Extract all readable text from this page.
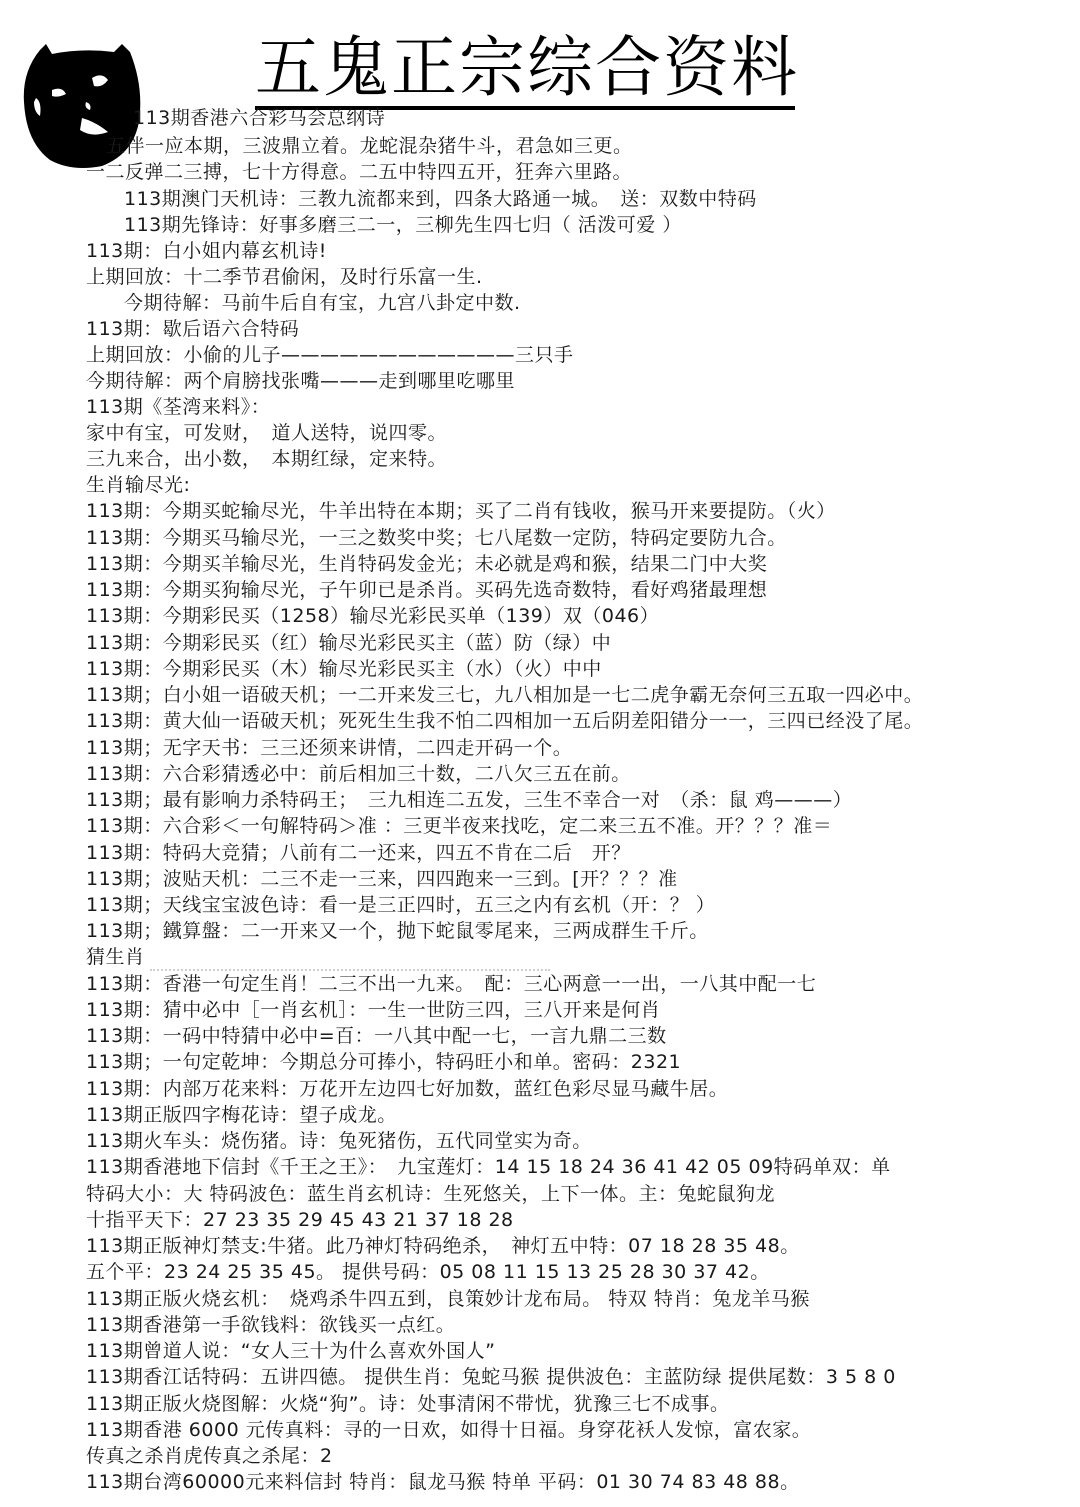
五鬼正宗综合资料
113期香港六合彩马会总纲诗
五伴一应本期，三波鼎立着。龙蛇混杂猪牛斗，君急如三更。
一二反弹二三搏，七十方得意。二五中特四五开，狂奔六里路。
113期澳门天机诗：三教九流都来到，四条大路通一城。　送：双数中特码
113期先锋诗：好事多磨三二一，三柳先生四七归（ 活泼可爱 ）
113期：白小姐内幕玄机诗!
上期回放：十二季节君偷闲，及时行乐富一生.
今期待解：马前牛后自有宝，九宫八卦定中数.
113期：歇后语六合特码
上期回放：小偷的儿子————————————三只手
今期待解：两个肩膀找张嘴———走到哪里吃哪里
113期《荃湾来料》：
家中有宝，可发财，　道人送特，说四零。
三九来合，出小数，　本期红绿，定来特。
生肖输尽光:
113期：今期买蛇输尽光，牛羊出特在本期；买了二肖有钱收，猴马开来要提防。（火）
113期：今期买马输尽光，一三之数奖中奖；七八尾数一定防，特码定要防九合。
113期：今期买羊输尽光，生肖特码发金光；未必就是鸡和猴，结果二门中大奖
113期：今期买狗输尽光，子午卯已是杀肖。买码先选奇数特，看好鸡猪最理想
113期：今期彩民买（1258）输尽光彩民买单（139）双（046）
113期：今期彩民买（红）输尽光彩民买主（蓝）防（绿）中
113期：今期彩民买（木）输尽光彩民买主（水）（火）中中
113期；白小姐一语破天机；一二开来发三七，九八相加是一七二虎争霸无奈何三五取一四必中。
113期：黄大仙一语破天机；死死生生我不怕二四相加一五后阴差阳错分一一，三四已经没了尾。
113期；无字天书：三三还须来讲情，二四走开码一个。
113期：六合彩猜透必中：前后相加三十数，二八欠三五在前。
113期；最有影响力杀特码王；　三九相连二五发，三生不幸合一对　（杀：鼠 鸡———）
113期：六合彩＜一句解特码＞准 ：三更半夜来找吃，定二来三五不准。开？？？准＝
113期：特码大竞猜；八前有二一还来，四五不肯在二后　开？
113期；波贴天机：二三不走一三来，四四跑来一三到。[开？？？准
113期；天线宝宝波色诗：看一是三正四时，五三之内有玄机（开：？ ）
113期；鐵算盤：二一开来又一个，抛下蛇鼠零尾来，三两成群生千斤。
猜生肖
113期：香港一句定生肖！二三不出一九来。　配：三心两意一一出，一八其中配一七
113期：猜中必中［一肖玄机］：一生一世防三四，三八开来是何肖
113期：一码中特猜中必中=百：一八其中配一七，一言九鼎二三数
113期；一句定乾坤：今期总分可捧小，特码旺小和单。密码：2321
113期：内部万花来料：万花开左边四七好加数，蓝红色彩尽显马藏牛居。
113期正版四字梅花诗：望子成龙。
113期火车头：烧伤猪。诗：兔死猪伤，五代同堂实为奇。
113期香港地下信封《千王之王》：　九宝莲灯：14 15 18 24 36 41 42 05 09特码单双：单
特码大小：大 特码波色：蓝生肖玄机诗：生死悠关，上下一体。主：兔蛇鼠狗龙
十指平天下：27 23 35 29 45 43 21 37 18 28
113期正版神灯禁支:牛猪。此乃神灯特码绝杀，　神灯五中特：07 18 28 35 48。
五个平：23 24 25 35 45。 提供号码：05 08 11 15 13 25 28 30 37 42。
113期正版火烧玄机：　烧鸡杀牛四五到，良策妙计龙布局。 特双 特肖：兔龙羊马猴
113期香港第一手欲钱料：欲钱买一点红。
113期曾道人说：“女人三十为什么喜欢外国人”
113期香江话特码：五讲四德。 提供生肖：兔蛇马猴 提供波色：主蓝防绿 提供尾数：3 5 8 0
113期正版火烧图解：火烧“狗”。诗：处事清闲不带忧，犹豫三七不成事。
113期香港 6000 元传真料：寻的一日欢，如得十日福。身穿花袄人发惊，富农家。
传真之杀肖虎传真之杀尾：2
113期台湾60000元来料信封 特肖：鼠龙马猴 特单 平码：01 30 74 83 48 88。
